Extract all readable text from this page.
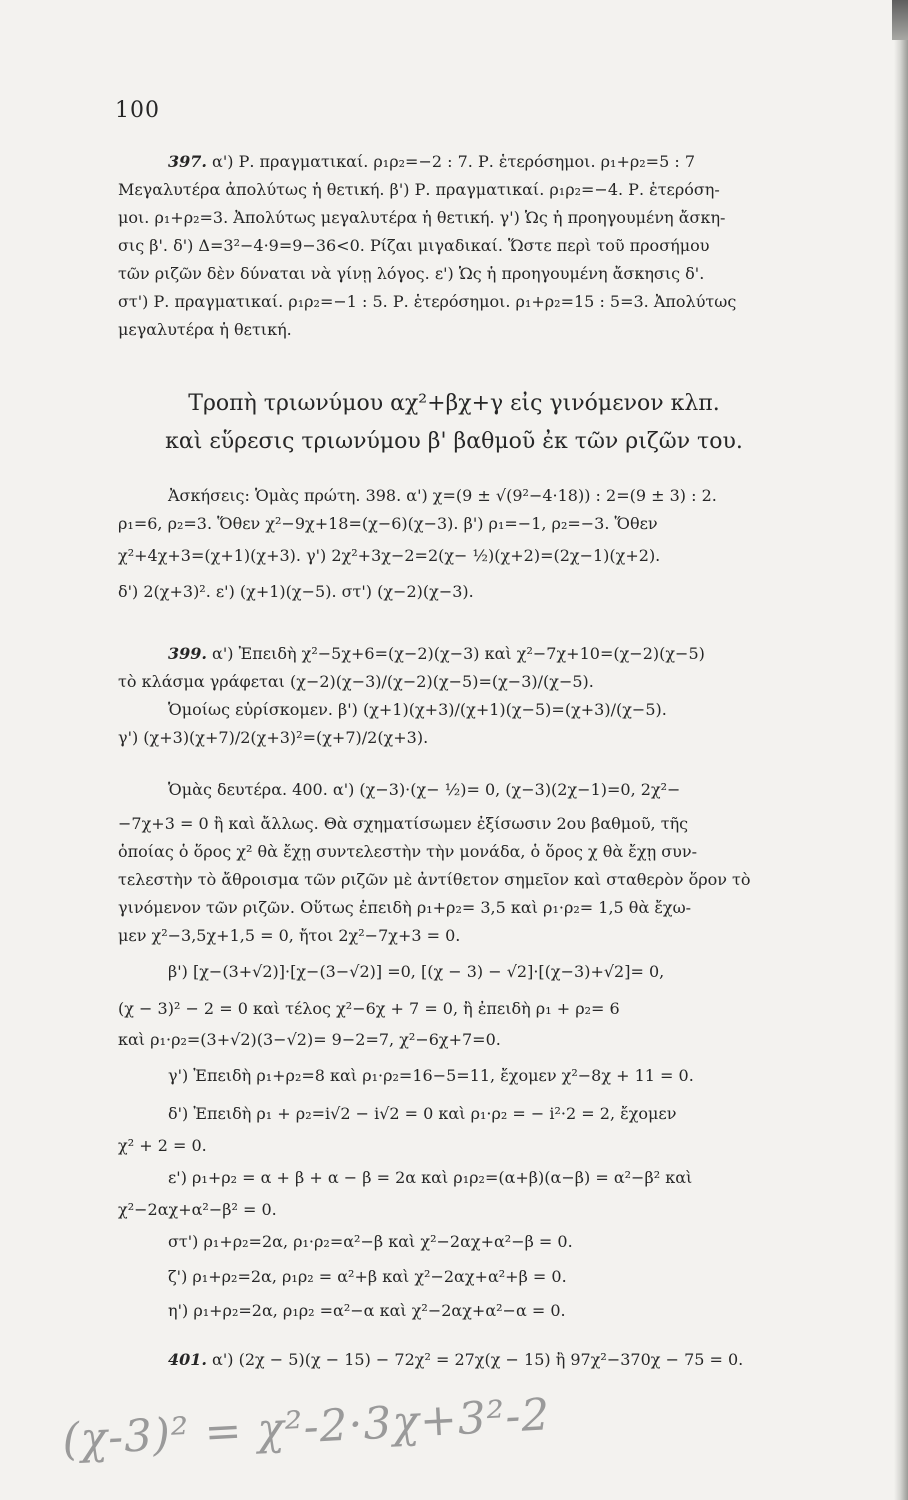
100

397. α') Ρ. πραγματικαί. ρ₁ρ₂=−2 : 7. Ρ. ἑτερόσημοι. ρ₁+ρ₂=5 : 7

Μεγαλυτέρα ἀπολύτως ἡ θετική. β') Ρ. πραγματικαί. ρ₁ρ₂=−4. Ρ. ἑτερόση-

μοι. ρ₁+ρ₂=3. Ἀπολύτως μεγαλυτέρα ἡ θετική. γ') Ὡς ἡ προηγουμένη ἄσκη-

σις β'. δ') Δ=3²−4·9=9−36<0. Ρίζαι μιγαδικαί. Ὥστε περὶ τοῦ προσήμου

τῶν ριζῶν δὲν δύναται νὰ γίνῃ λόγος. ε') Ὡς ἡ προηγουμένη ἄσκησις δ'.

στ') Ρ. πραγματικαί. ρ₁ρ₂=−1 : 5. Ρ. ἑτερόσημοι. ρ₁+ρ₂=15 : 5=3. Ἀπολύτως

μεγαλυτέρα ἡ θετική.

Τροπὴ τριωνύμου αχ²+βχ+γ εἰς γινόμενον κλπ.

καὶ εὕρεσις τριωνύμου β' βαθμοῦ ἐκ τῶν ριζῶν του.

Ἀσκήσεις: Ὁμὰς πρώτη. 398. α') χ=(9 ± √(9²−4·18)) : 2=(9 ± 3) : 2.

ρ₁=6, ρ₂=3. Ὅθεν χ²−9χ+18=(χ−6)(χ−3). β') ρ₁=−1, ρ₂=−3. Ὅθεν

χ²+4χ+3=(χ+1)(χ+3). γ') 2χ²+3χ−2=2(χ− ½)(χ+2)=(2χ−1)(χ+2).

δ') 2(χ+3)². ε') (χ+1)(χ−5). στ') (χ−2)(χ−3).

399. α') Ἐπειδὴ χ²−5χ+6=(χ−2)(χ−3) καὶ χ²−7χ+10=(χ−2)(χ−5)

τὸ κλάσμα γράφεται (χ−2)(χ−3)/(χ−2)(χ−5)=(χ−3)/(χ−5).

Ὁμοίως εὑρίσκομεν. β') (χ+1)(χ+3)/(χ+1)(χ−5)=(χ+3)/(χ−5).

γ') (χ+3)(χ+7)/2(χ+3)²=(χ+7)/2(χ+3).

Ὁμὰς δευτέρα. 400. α') (χ−3)·(χ− ½)= 0, (χ−3)(2χ−1)=0, 2χ²−

−7χ+3 = 0 ἢ καὶ ἄλλως. Θὰ σχηματίσωμεν ἐξίσωσιν 2ου βαθμοῦ, τῆς

ὁποίας ὁ ὅρος χ² θὰ ἔχῃ συντελεστὴν τὴν μονάδα, ὁ ὅρος χ θὰ ἔχῃ συν-

τελεστὴν τὸ ἄθροισμα τῶν ριζῶν μὲ ἀντίθετον σημεῖον καὶ σταθερὸν ὅρον τὸ

γινόμενον τῶν ριζῶν. Οὕτως ἐπειδὴ ρ₁+ρ₂= 3,5 καὶ ρ₁·ρ₂= 1,5 θὰ ἔχω-

μεν χ²−3,5χ+1,5 = 0, ἤτοι 2χ²−7χ+3 = 0.

β') [χ−(3+√2)]·[χ−(3−√2)] =0, [(χ − 3) − √2]·[(χ−3)+√2]= 0,

(χ − 3)² − 2 = 0 καὶ τέλος χ²−6χ + 7 = 0, ἢ ἐπειδὴ ρ₁ + ρ₂= 6

καὶ ρ₁·ρ₂=(3+√2)(3−√2)= 9−2=7, χ²−6χ+7=0.

γ') Ἐπειδὴ ρ₁+ρ₂=8 καὶ ρ₁·ρ₂=16−5=11, ἔχομεν χ²−8χ + 11 = 0.

δ') Ἐπειδὴ ρ₁ + ρ₂=i√2 − i√2 = 0 καὶ ρ₁·ρ₂ = − i²·2 = 2, ἔχομεν

χ² + 2 = 0.

ε') ρ₁+ρ₂ = α + β + α − β = 2α καὶ ρ₁ρ₂=(α+β)(α−β) = α²−β² καὶ

χ²−2αχ+α²−β² = 0.

στ') ρ₁+ρ₂=2α, ρ₁·ρ₂=α²−β καὶ χ²−2αχ+α²−β = 0.

ζ') ρ₁+ρ₂=2α, ρ₁ρ₂ = α²+β καὶ χ²−2αχ+α²+β = 0.

η') ρ₁+ρ₂=2α, ρ₁ρ₂ =α²−α καὶ χ²−2αχ+α²−α = 0.

401. α') (2χ − 5)(χ − 15) − 72χ² = 27χ(χ − 15) ἢ 97χ²−370χ − 75 = 0.

(χ-3)² = χ²-2·3χ+3²-2
